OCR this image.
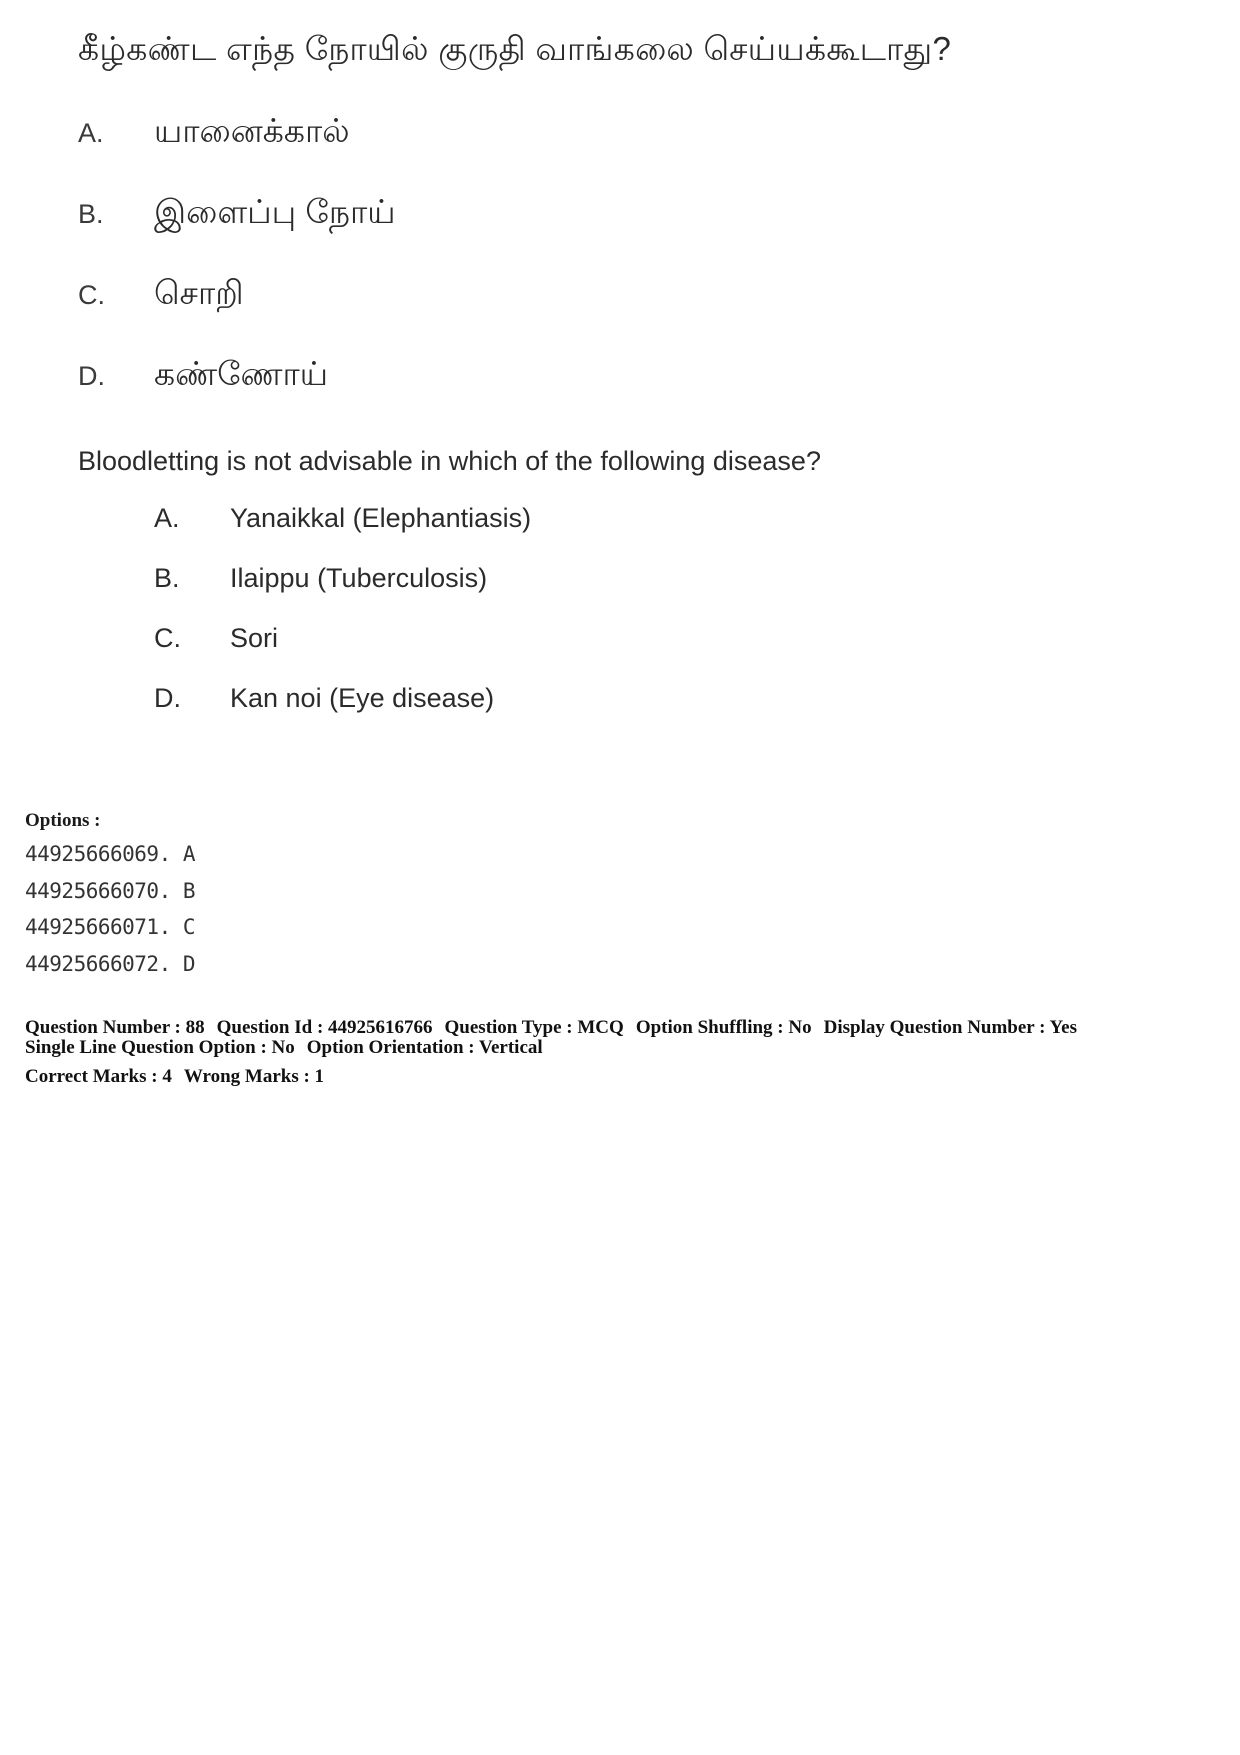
கீழ்கண்ட எந்த நோயில் குருதி வாங்கலை செய்யக்கூடாது?
A. யானைக்கால்
B. இளைப்பு நோய்
C. சொறி
D. கண்ணோய்
Bloodletting is not advisable in which of the following disease?
A. Yanaikkal (Elephantiasis)
B. Ilaippu (Tuberculosis)
C. Sori
D. Kan noi (Eye disease)
Options :
44925666069. A
44925666070. B
44925666071. C
44925666072. D
Question Number : 88 Question Id : 44925616766 Question Type : MCQ Option Shuffling : No Display Question Number : Yes
Single Line Question Option : No Option Orientation : Vertical
Correct Marks : 4 Wrong Marks : 1
